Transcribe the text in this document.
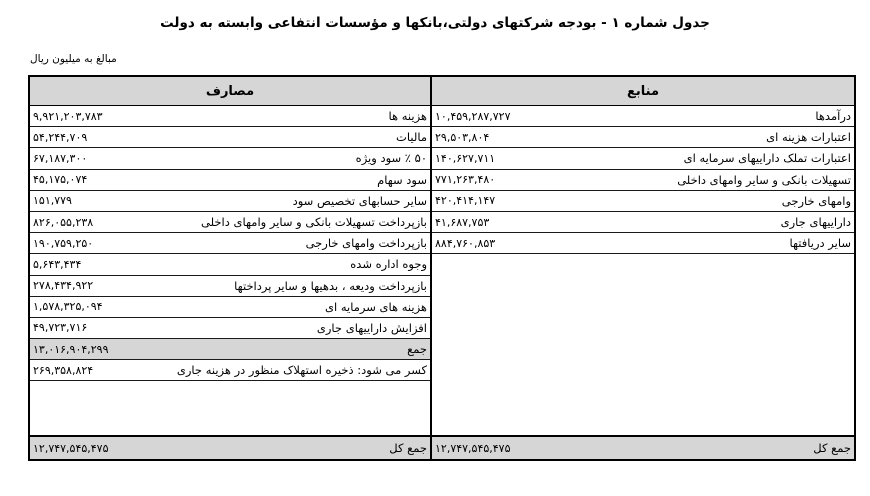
جدول شماره ۱ - بودجه شرکتهای دولتی،بانکها و مؤسسات انتفاعی وابسته به دولت
مبالغ به میلیون ریال
مصارف
۹,۹۲۱,۲۰۳,۷۸۳	هزینه ها
۵۴,۲۴۴,۷۰۹	مالیات
۶۷,۱۸۷,۳۰۰	۵۰ ٪ سود ویژه
۴۵,۱۷۵,۰۷۴	سود سهام
۱۵۱,۷۷۹	سایر حسابهای تخصیص سود
۸۲۶,۰۵۵,۲۳۸	بازپرداخت تسهیلات بانکی و سایر وامهای داخلی
۱۹۰,۷۵۹,۲۵۰	بازپرداخت وامهای خارجی
۵,۶۴۳,۴۳۴	وجوه اداره شده
۲۷۸,۴۳۴,۹۲۲	بازپرداخت ودیعه ، بدهیها و سایر پرداختها
۱,۵۷۸,۳۲۵,۰۹۴	هزینه های سرمایه ای
۴۹,۷۲۳,۷۱۶	افزایش داراییهای جاری
۱۳,۰۱۶,۹۰۴,۲۹۹	جمع
۲۶۹,۳۵۸,۸۲۴	کسر می شود: ذخیره استهلاک منظور در هزینه جاری
۱۲,۷۴۷,۵۴۵,۴۷۵	جمع کل
منابع
۱۰,۴۵۹,۲۸۷,۷۲۷	درآمدها
۲۹,۵۰۳,۸۰۴	اعتبارات هزینه ای
۱۴۰,۶۲۷,۷۱۱	اعتبارات تملک داراییهای سرمایه ای
۷۷۱,۲۶۳,۴۸۰	تسهیلات بانکی و سایر وامهای داخلی
۴۲۰,۴۱۴,۱۴۷	وامهای خارجی
۴۱,۶۸۷,۷۵۳	داراییهای جاری
۸۸۴,۷۶۰,۸۵۳	سایر دریافتها
۱۲,۷۴۷,۵۴۵,۴۷۵	جمع کل
